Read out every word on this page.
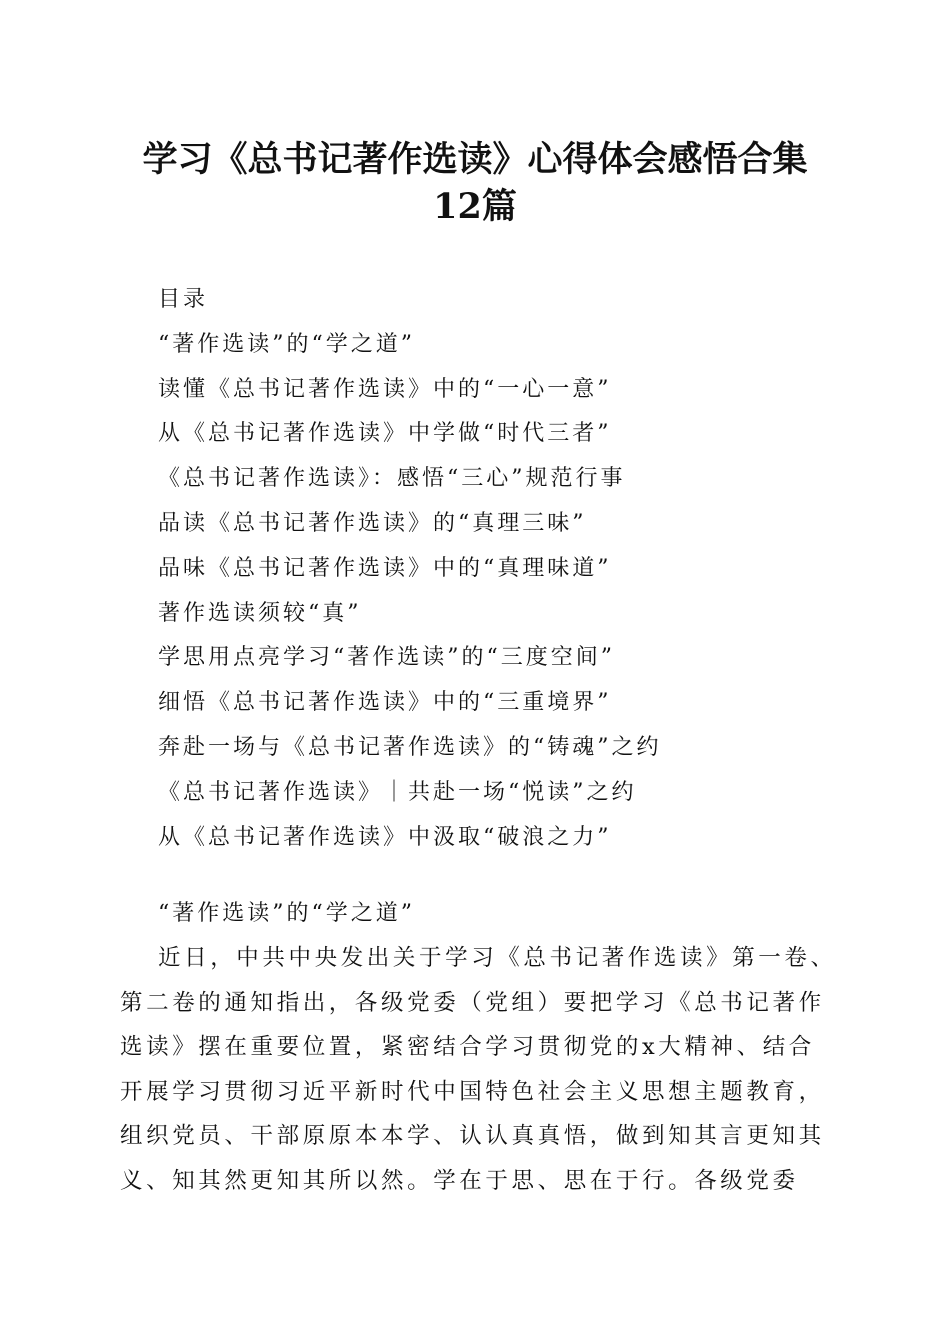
学习《总书记著作选读》心得体会感悟合集
12篇
目录
“著作选读”的“学之道”
读懂《总书记著作选读》中的“一心一意”
从《总书记著作选读》中学做“时代三者”
《总书记著作选读》：感悟“三心”规范行事
品读《总书记著作选读》的“真理三味”
品味《总书记著作选读》中的“真理味道”
著作选读须较“真”
学思用点亮学习“著作选读”的“三度空间”
细悟《总书记著作选读》中的“三重境界”
奔赴一场与《总书记著作选读》的“铸魂”之约
《总书记著作选读》｜共赴一场“悦读”之约
从《总书记著作选读》中汲取“破浪之力”
“著作选读”的“学之道”
近日，中共中央发出关于学习《总书记著作选读》第一卷、
第二卷的通知指出，各级党委（党组）要把学习《总书记著作
选读》摆在重要位置，紧密结合学习贯彻党的x大精神、结合
开展学习贯彻习近平新时代中国特色社会主义思想主题教育，
组织党员、干部原原本本学、认认真真悟，做到知其言更知其
义、知其然更知其所以然。学在于思、思在于行。各级党委
